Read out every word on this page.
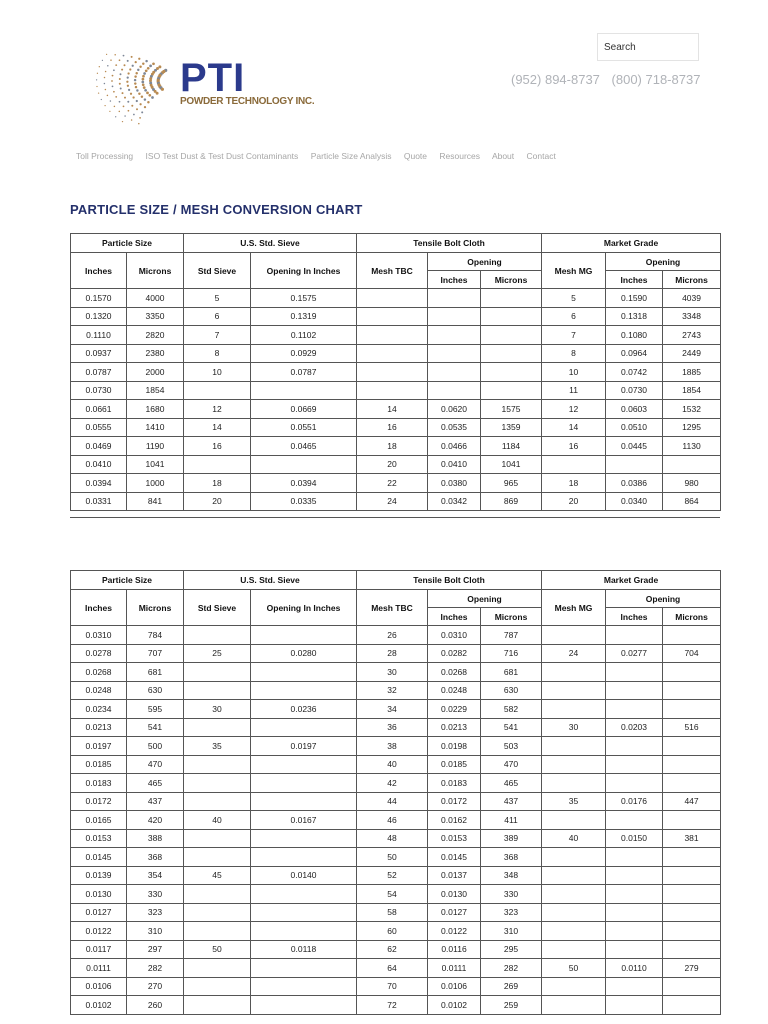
PTI
POWDER TECHNOLOGY INC.
Search
(952) 894-8737 (800) 718-8737
Toll Processing ISO Test Dust & Test Dust Contaminants Particle Size Analysis Quote Resources About Contact
PARTICLE SIZE / MESH CONVERSION CHART
Particle Size		U.S. Std. Sieve		Tensile Bolt Cloth			Market Grade		
Inches	Microns	Std Sieve	Opening In Inches	Mesh TBC	Opening		Mesh MG	Opening	
					Inches	Microns		Inches	Microns
0.1570	4000	5	0.1575				5	0.1590	4039
0.1320	3350	6	0.1319				6	0.1318	3348
0.1110	2820	7	0.1102				7	0.1080	2743
0.0937	2380	8	0.0929				8	0.0964	2449
0.0787	2000	10	0.0787				10	0.0742	1885
0.0730	1854						11	0.0730	1854
0.0661	1680	12	0.0669	14	0.0620	1575	12	0.0603	1532
0.0555	1410	14	0.0551	16	0.0535	1359	14	0.0510	1295
0.0469	1190	16	0.0465	18	0.0466	1184	16	0.0445	1130
0.0410	1041			20	0.0410	1041			
0.0394	1000	18	0.0394	22	0.0380	965	18	0.0386	980
0.0331	841	20	0.0335	24	0.0342	869	20	0.0340	864
Particle Size		U.S. Std. Sieve		Tensile Bolt Cloth			Market Grade		
Inches	Microns	Std Sieve	Opening In Inches	Mesh TBC	Opening		Mesh MG	Opening	
					Inches	Microns		Inches	Microns
0.0310	784			26	0.0310	787			
0.0278	707	25	0.0280	28	0.0282	716	24	0.0277	704
0.0268	681			30	0.0268	681			
0.0248	630			32	0.0248	630			
0.0234	595	30	0.0236	34	0.0229	582			
0.0213	541			36	0.0213	541	30	0.0203	516
0.0197	500	35	0.0197	38	0.0198	503			
0.0185	470			40	0.0185	470			
0.0183	465			42	0.0183	465			
0.0172	437			44	0.0172	437	35	0.0176	447
0.0165	420	40	0.0167	46	0.0162	411			
0.0153	388			48	0.0153	389	40	0.0150	381
0.0145	368			50	0.0145	368			
0.0139	354	45	0.0140	52	0.0137	348			
0.0130	330			54	0.0130	330			
0.0127	323			58	0.0127	323			
0.0122	310			60	0.0122	310			
0.0117	297	50	0.0118	62	0.0116	295			
0.0111	282			64	0.0111	282	50	0.0110	279
0.0106	270			70	0.0106	269			
0.0102	260			72	0.0102	259			
